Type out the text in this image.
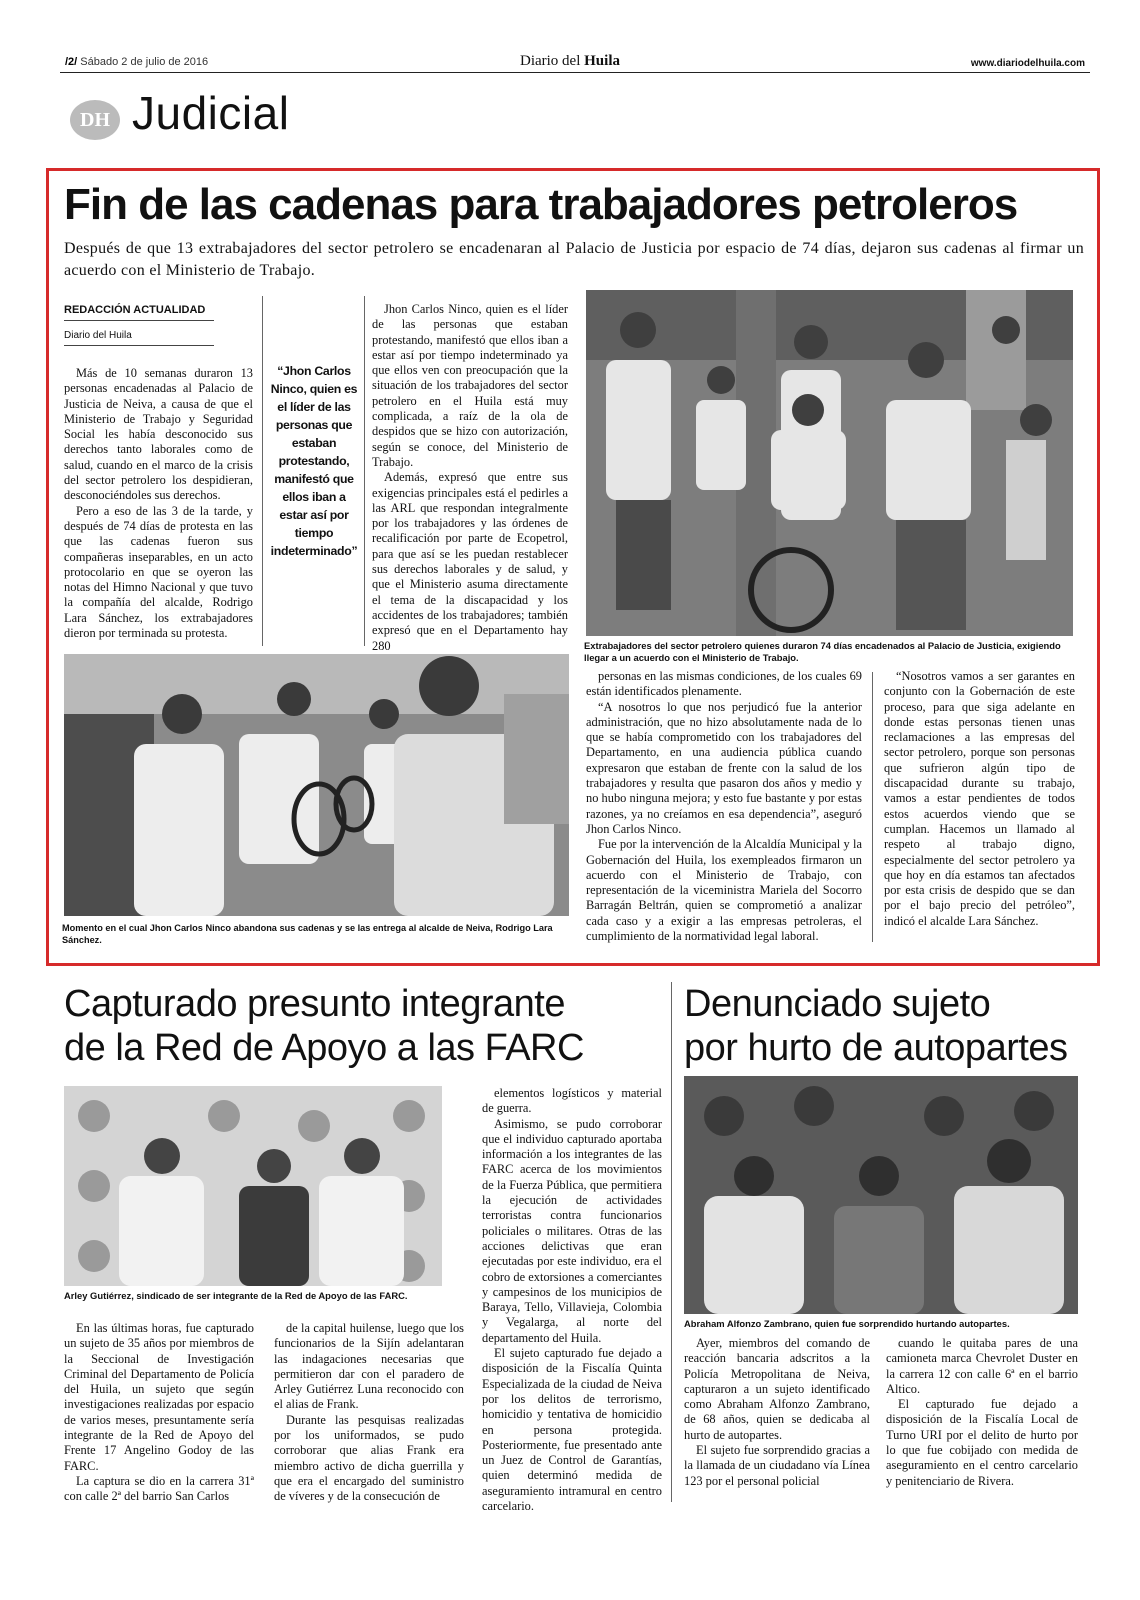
/2/ Sábado 2 de julio de 2016	Diario del Huila	www.diariodelhuila.com
DH Judicial
Fin de las cadenas para trabajadores petroleros
Después de que 13 extrabajadores del sector petrolero se encadenaran al Palacio de Justicia por espacio de 74 días, dejaron sus cadenas al firmar un acuerdo con el Ministerio de Trabajo.
REDACCIÓN ACTUALIDAD
Diario del Huila

Más de 10 semanas duraron 13 personas encadenadas al Palacio de Justicia de Neiva, a causa de que el Ministerio de Trabajo y Seguridad Social les había desconocido sus derechos tanto laborales como de salud, cuando en el marco de la crisis del sector petrolero los despidieran, desconociéndoles sus derechos.

Pero a eso de las 3 de la tarde, y después de 74 días de protesta en las que las cadenas fueron sus compañeras inseparables, en un acto protocolario en que se oyeron las notas del Himno Nacional y que tuvo la compañía del alcalde, Rodrigo Lara Sánchez, los extrabajadores dieron por terminada su protesta.

“Jhon Carlos Ninco, quien es el líder de las personas que estaban protestando, manifestó que ellos iban a estar así por tiempo indeterminado”

Jhon Carlos Ninco, quien es el líder de las personas que estaban protestando, manifestó que ellos iban a estar así por tiempo indeterminado ya que ellos ven con preocupación que la situación de los trabajadores del sector petrolero en el Huila está muy complicada, a raíz de la ola de despidos que se hizo con autorización, según se conoce, del Ministerio de Trabajo.

Además, expresó que entre sus exigencias principales está el pedirles a las ARL que respondan integralmente por los trabajadores y las órdenes de recalificación por parte de Ecopetrol, para que así se les puedan restablecer sus derechos laborales y de salud, y que el Ministerio asuma directamente el tema de la discapacidad y los accidentes de los trabajadores; también expresó que en el Departamento hay 280	Extrabajadores del sector petrolero quienes duraron 74 días encadenados al Palacio de Justicia, exigiendo llegar a un acuerdo con el Ministerio de Trabajo.
Momento en el cual Jhon Carlos Ninco abandona sus cadenas y se las entrega al alcalde de Neiva, Rodrigo Lara Sánchez.

personas en las mismas condiciones, de los cuales 69 están identificados plenamente.

“A nosotros lo que nos perjudicó fue la anterior administración, que no hizo absolutamente nada de lo que se había comprometido con los trabajadores del Departamento, en una audiencia pública cuando expresaron que estaban de frente con la salud de los trabajadores y resulta que pasaron dos años y medio y no hubo ninguna mejora; y esto fue bastante y por estas razones, ya no creíamos en esa dependencia”, aseguró Jhon Carlos Ninco.

Fue por la intervención de la Alcaldía Municipal y la Gobernación del Huila, los exempleados firmaron un acuerdo con el Ministerio de Trabajo, con representación de la viceministra Mariela del Socorro Barragán Beltrán, quien se comprometió a analizar cada caso y a exigir a las empresas petroleras, el cumplimiento de la normatividad legal laboral.

“Nosotros vamos a ser garantes en conjunto con la Gobernación de este proceso, para que siga adelante en donde estas personas tienen unas reclamaciones a las empresas del sector petrolero, porque son personas que sufrieron algún tipo de discapacidad durante su trabajo, vamos a estar pendientes de todos estos acuerdos viendo que se cumplan. Hacemos un llamado al respeto al trabajo digno, especialmente del sector petrolero ya que hoy en día estamos tan afectados por esta crisis de despido que se dan por el bajo precio del petróleo”, indicó el alcalde Lara Sánchez.

Capturado presunto integrante
de la Red de Apoyo a las FARC
Arley Gutiérrez, sindicado de ser integrante de la Red de Apoyo de las FARC.

En las últimas horas, fue capturado un sujeto de 35 años por miembros de la Seccional de Investigación Criminal del Departamento de Policía del Huila, un sujeto que según investigaciones realizadas por espacio de varios meses, presuntamente sería integrante de la Red de Apoyo del Frente 17 Angelino Godoy de las FARC.

La captura se dio en la carrera 31ª con calle 2ª del barrio San Carlos

de la capital huilense, luego que los funcionarios de la Sijín adelantaran las indagaciones necesarias que permitieron dar con el paradero de Arley Gutiérrez Luna reconocido con el alias de Frank.

Durante las pesquisas realizadas por los uniformados, se pudo corroborar que alias Frank era miembro activo de dicha guerrilla y que era el encargado del suministro de víveres y de la consecución de

elementos logísticos y material de guerra.

Asimismo, se pudo corroborar que el individuo capturado aportaba información a los integrantes de las FARC acerca de los movimientos de la Fuerza Pública, que permitiera la ejecución de actividades terroristas contra funcionarios policiales o militares. Otras de las acciones delictivas que eran ejecutadas por este individuo, era el cobro de extorsiones a comerciantes y campesinos de los municipios de Baraya, Tello, Villavieja, Colombia y Vegalarga, al norte del departamento del Huila.

El sujeto capturado fue dejado a disposición de la Fiscalía Quinta Especializada de la ciudad de Neiva por los delitos de terrorismo, homicidio y tentativa de homicidio en persona protegida. Posteriormente, fue presentado ante un Juez de Control de Garantías, quien determinó medida de aseguramiento intramural en centro carcelario.

Denunciado sujeto
por hurto de autopartes
Abraham Alfonzo Zambrano, quien fue sorprendido hurtando autopartes.

Ayer, miembros del comando de reacción bancaria adscritos a la Policía Metropolitana de Neiva, capturaron a un sujeto identificado como Abraham Alfonzo Zambrano, de 68 años, quien se dedicaba al hurto de autopartes.

El sujeto fue sorprendido gracias a la llamada de un ciudadano vía Línea 123 por el personal policial

cuando le quitaba pares de una camioneta marca Chevrolet Duster en la carrera 12 con calle 6ª en el barrio Altico.

El capturado fue dejado a disposición de la Fiscalía Local de Turno URI por el delito de hurto por lo que fue cobijado con medida de aseguramiento en el centro carcelario y penitenciario de Rivera.
